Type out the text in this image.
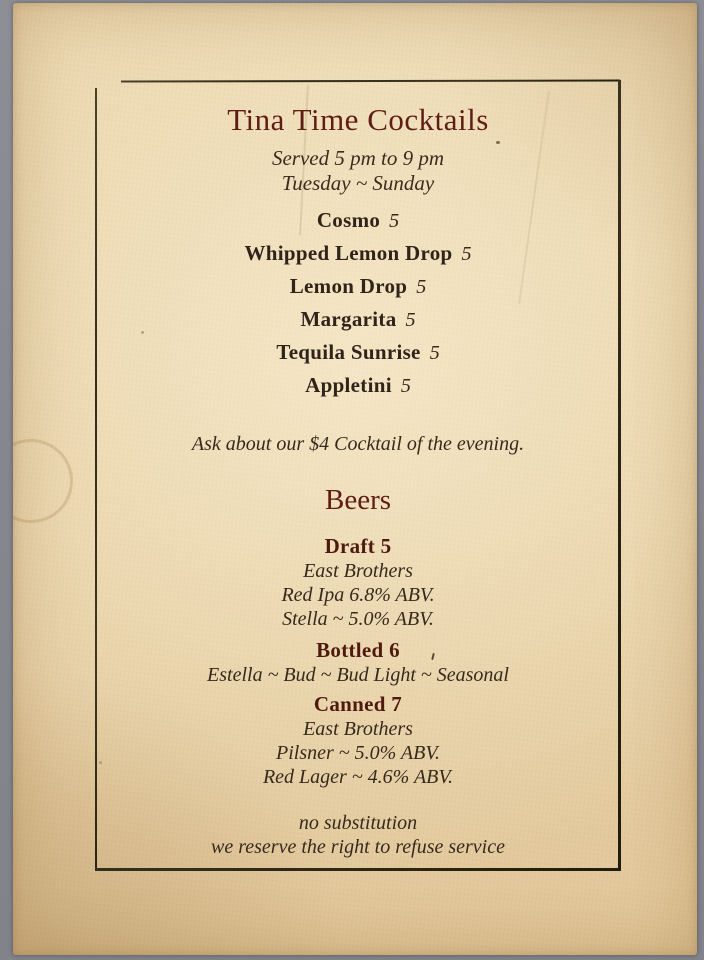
Tina Time Cocktails
Served 5 pm to 9 pm
Tuesday ~ Sunday
Cosmo 5
Whipped Lemon Drop 5
Lemon Drop 5
Margarita 5
Tequila Sunrise 5
Appletini 5

Ask about our $4 Cocktail of the evening.

Beers
Draft 5
East Brothers
Red Ipa 6.8% ABV.
Stella ~ 5.0% ABV.
Bottled 6
Estella ~ Bud ~ Bud Light ~ Seasonal
Canned 7
East Brothers
Pilsner ~ 5.0% ABV.
Red Lager ~ 4.6% ABV.
no substitution
we reserve the right to refuse service
